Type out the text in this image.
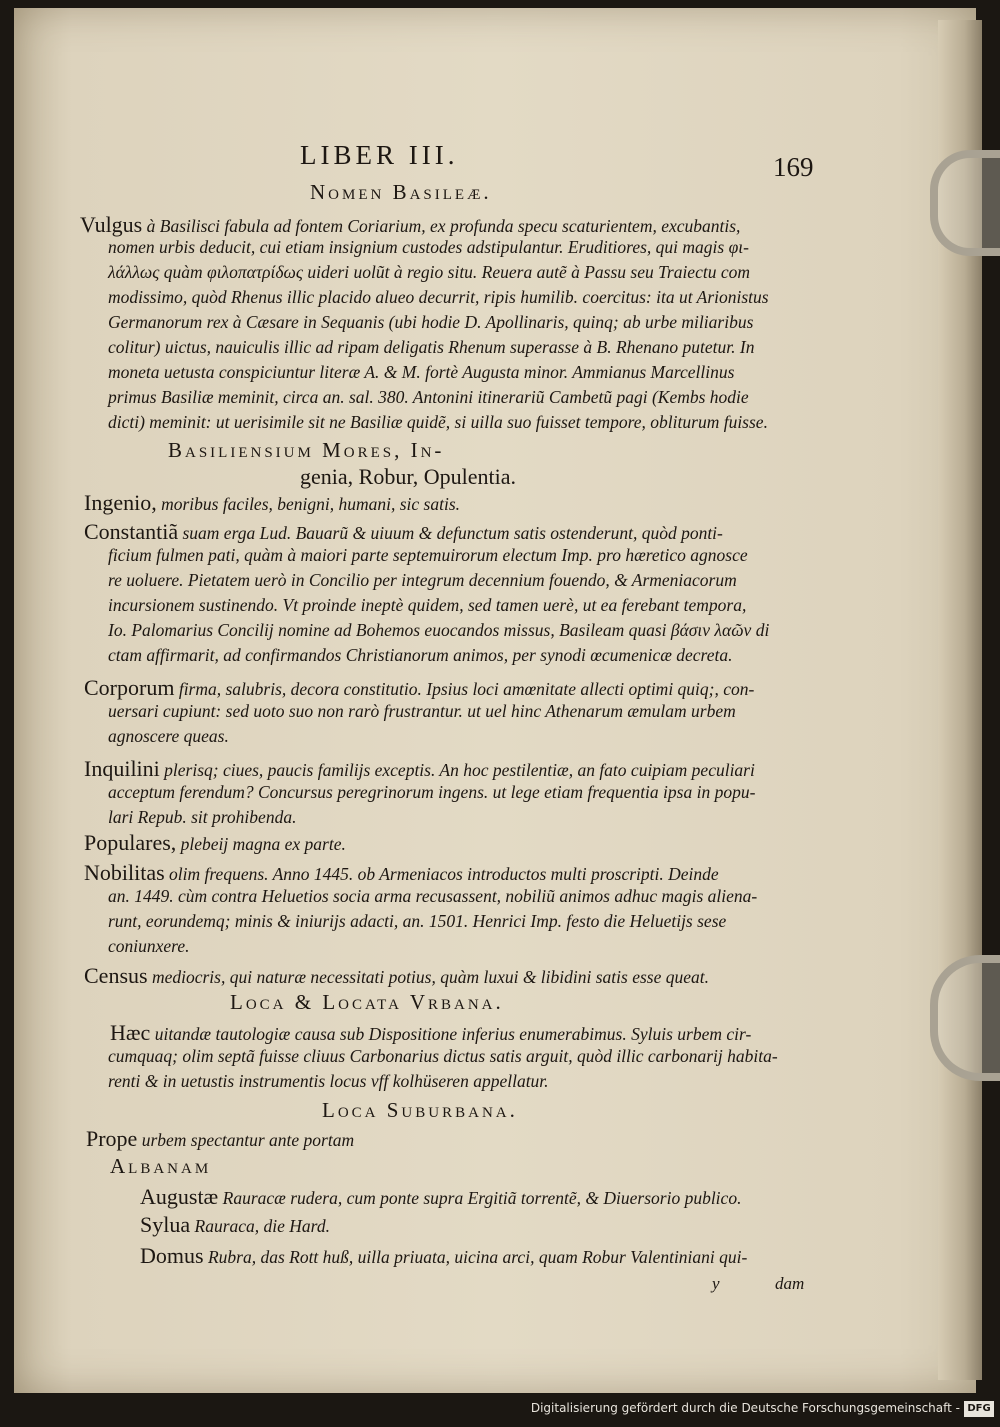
LIBER III.	169
Nomen Basileæ.
Vulgus à Basilisci fabula ad fontem Coriarium, ex profunda specu scaturientem, excubantis,
nomen urbis deducit, cui etiam insignium custodes adstipulantur. Eruditiores, qui magis φι-
λάλλως quàm φιλοπατρίδως uideri uolũt à regio situ. Reuera autẽ à Passu seu Traiectu com
modissimo, quòd Rhenus illic placido alueo decurrit, ripis humilib. coercitus: ita ut Arionistus
Germanorum rex à Cæsare in Sequanis (ubi hodie D. Apollinaris, quinq; ab urbe miliaribus
colitur) uictus, nauiculis illic ad ripam deligatis Rhenum superasse à B. Rhenano putetur. In
moneta uetusta conspiciuntur literæ A. & M. fortè Augusta minor. Ammianus Marcellinus
primus Basiliæ meminit, circa an. sal. 380. Antonini itinerariũ Cambetũ pagi (Kembs hodie
dicti) meminit: ut uerisimile sit ne Basiliæ quidẽ, si uilla suo fuisset tempore, obliturum fuisse.
Basiliensium Mores, In-
genia, Robur, Opulentia.
Ingenio, moribus faciles, benigni, humani, sic satis.
Constantiã suam erga Lud. Bauarũ & uiuum & defunctum satis ostenderunt, quòd ponti-
ficium fulmen pati, quàm à maiori parte septemuirorum electum Imp. pro hæretico agnosce
re uoluere. Pietatem uerò in Concilio per integrum decennium fouendo, & Armeniacorum
incursionem sustinendo. Vt proinde ineptè quidem, sed tamen uerè, ut ea ferebant tempora,
Io. Palomarius Concilij nomine ad Bohemos euocandos missus, Basileam quasi βάσιν λαῶν di
ctam affirmarit, ad confirmandos Christianorum animos, per synodi œcumenicæ decreta.
Corporum firma, salubris, decora constitutio. Ipsius loci amœnitate allecti optimi quiq;, con-
uersari cupiunt: sed uoto suo non rarò frustrantur. ut uel hinc Athenarum æmulam urbem
agnoscere queas.
Inquilini plerisq; ciues, paucis familijs exceptis. An hoc pestilentiæ, an fato cuipiam peculiari
acceptum ferendum? Concursus peregrinorum ingens. ut lege etiam frequentia ipsa in popu-
lari Repub. sit prohibenda.
Populares, plebeij magna ex parte.
Nobilitas olim frequens. Anno 1445. ob Armeniacos introductos multi proscripti. Deinde
an. 1449. cùm contra Heluetios socia arma recusassent, nobiliũ animos adhuc magis aliena-
runt, eorundemq; minis & iniurijs adacti, an. 1501. Henrici Imp. festo die Heluetijs sese
coniunxere.
Census mediocris, qui naturæ necessitati potius, quàm luxui & libidini satis esse queat.
Loca & Locata Vrbana.
Hæc uitandæ tautologiæ causa sub Dispositione inferius enumerabimus. Syluis urbem cir-
cumquaq; olim septã fuisse cliuus Carbonarius dictus satis arguit, quòd illic carbonarij habita-
renti & in uetustis instrumentis locus vff kolhüseren appellatur.
Loca Suburbana.
Prope urbem spectantur ante portam
Albanam
Augustæ Rauracæ rudera, cum ponte supra Ergitiã torrentẽ, & Diuersorio publico.
Sylua Rauraca, die Hard.
Domus Rubra, das Rott huß, uilla priuata, uicina arci, quam Robur Valentiniani qui-
y	dam
Digitalisierung gefördert durch die Deutsche Forschungsgemeinschaft - DFG
